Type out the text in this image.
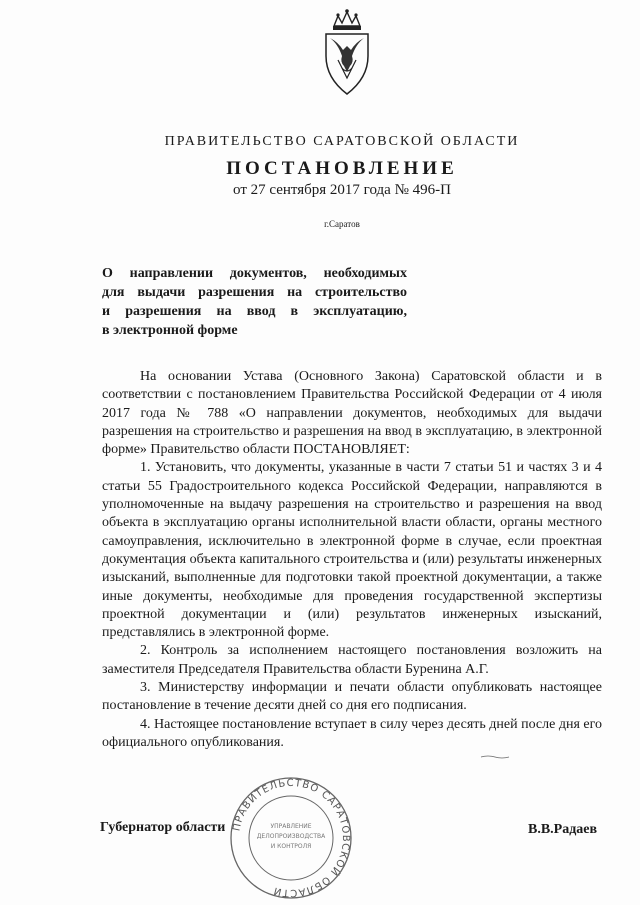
ПРАВИТЕЛЬСТВО САРАТОВСКОЙ ОБЛАСТИ
ПОСТАНОВЛЕНИЕ
от 27 сентября 2017 года № 496-П
г.Саратов
О направлении документов, необходимых
для выдачи разрешения на строительство
и разрешения на ввод в эксплуатацию,
в электронной форме

На основании Устава (Основного Закона) Саратовской области и в соответствии с постановлением Правительства Российской Федерации от 4 июля 2017 года № 788 «О направлении документов, необходимых для выдачи разрешения на строительство и разрешения на ввод в эксплуатацию, в электронной форме» Правительство области ПОСТАНОВЛЯЕТ:

1. Установить, что документы, указанные в части 7 статьи 51 и частях 3 и 4 статьи 55 Градостроительного кодекса Российской Федерации, направляются в уполномоченные на выдачу разрешения на строительство и разрешения на ввод объекта в эксплуатацию органы исполнительной власти области, органы местного самоуправления, исключительно в электронной форме в случае, если проектная документация объекта капитального строительства и (или) результаты инженерных изысканий, выполненные для подготовки такой проектной документации, а также иные документы, необходимые для проведения государственной экспертизы проектной документации и (или) результатов инженерных изысканий, представлялись в электронной форме.

2. Контроль за исполнением настоящего постановления возложить на заместителя Председателя Правительства области Буренина А.Г.

3. Министерству информации и печати области опубликовать настоящее постановление в течение десяти дней со дня его подписания.

4. Настоящее постановление вступает в силу через десять дней после дня его официального опубликования.

ПРАВИТЕЛЬСТВО САРАТОВСКОЙ ОБЛАСТИ
УПРАВЛЕНИЕ
ДЕЛОПРОИЗВОДСТВА
И КОНТРОЛЯ
Губернатор области	В.В.Радаев
